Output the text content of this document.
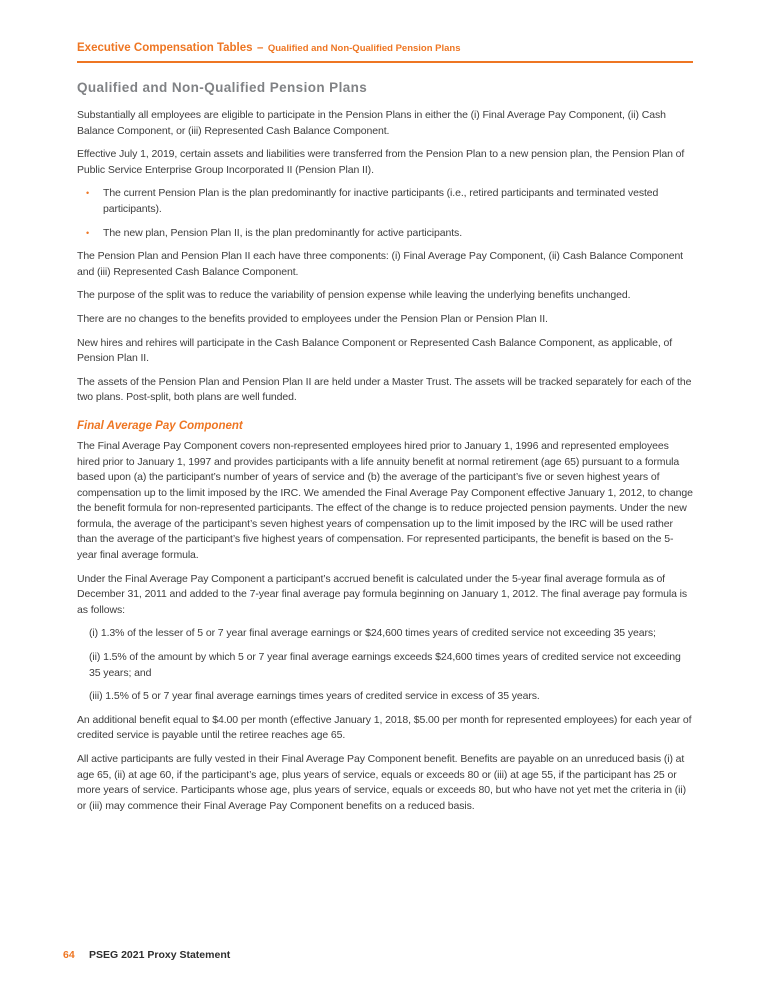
Executive Compensation Tables – Qualified and Non-Qualified Pension Plans
Qualified and Non-Qualified Pension Plans

Substantially all employees are eligible to participate in the Pension Plans in either the (i) Final Average Pay Component, (ii) Cash Balance Component, or (iii) Represented Cash Balance Component.

Effective July 1, 2019, certain assets and liabilities were transferred from the Pension Plan to a new pension plan, the Pension Plan of Public Service Enterprise Group Incorporated II (Pension Plan II).

• The current Pension Plan is the plan predominantly for inactive participants (i.e., retired participants and terminated vested participants).
• The new plan, Pension Plan II, is the plan predominantly for active participants.

The Pension Plan and Pension Plan II each have three components: (i) Final Average Pay Component, (ii) Cash Balance Component and (iii) Represented Cash Balance Component.

The purpose of the split was to reduce the variability of pension expense while leaving the underlying benefits unchanged.

There are no changes to the benefits provided to employees under the Pension Plan or Pension Plan II.

New hires and rehires will participate in the Cash Balance Component or Represented Cash Balance Component, as applicable, of Pension Plan II.

The assets of the Pension Plan and Pension Plan II are held under a Master Trust. The assets will be tracked separately for each of the two plans. Post-split, both plans are well funded.

Final Average Pay Component

The Final Average Pay Component covers non-represented employees hired prior to January 1, 1996 and represented employees hired prior to January 1, 1997 and provides participants with a life annuity benefit at normal retirement (age 65) pursuant to a formula based upon (a) the participant’s number of years of service and (b) the average of the participant’s five or seven highest years of compensation up to the limit imposed by the IRC. We amended the Final Average Pay Component effective January 1, 2012, to change the benefit formula for non-represented participants. The effect of the change is to reduce projected pension payments. Under the new formula, the average of the participant’s seven highest years of compensation up to the limit imposed by the IRC will be used rather than the average of the participant’s five highest years of compensation. For represented participants, the benefit is based on the 5-year final average formula.

Under the Final Average Pay Component a participant’s accrued benefit is calculated under the 5-year final average formula as of December 31, 2011 and added to the 7-year final average pay formula beginning on January 1, 2012. The final average pay formula is as follows:

(i) 1.3% of the lesser of 5 or 7 year final average earnings or $24,600 times years of credited service not exceeding 35 years;
(ii) 1.5% of the amount by which 5 or 7 year final average earnings exceeds $24,600 times years of credited service not exceeding 35 years; and
(iii) 1.5% of 5 or 7 year final average earnings times years of credited service in excess of 35 years.

An additional benefit equal to $4.00 per month (effective January 1, 2018, $5.00 per month for represented employees) for each year of credited service is payable until the retiree reaches age 65.

All active participants are fully vested in their Final Average Pay Component benefit. Benefits are payable on an unreduced basis (i) at age 65, (ii) at age 60, if the participant’s age, plus years of service, equals or exceeds 80 or (iii) at age 55, if the participant has 25 or more years of service. Participants whose age, plus years of service, equals or exceeds 80, but who have not yet met the criteria in (ii) or (iii) may commence their Final Average Pay Component benefits on a reduced basis.

64 PSEG 2021 Proxy Statement
